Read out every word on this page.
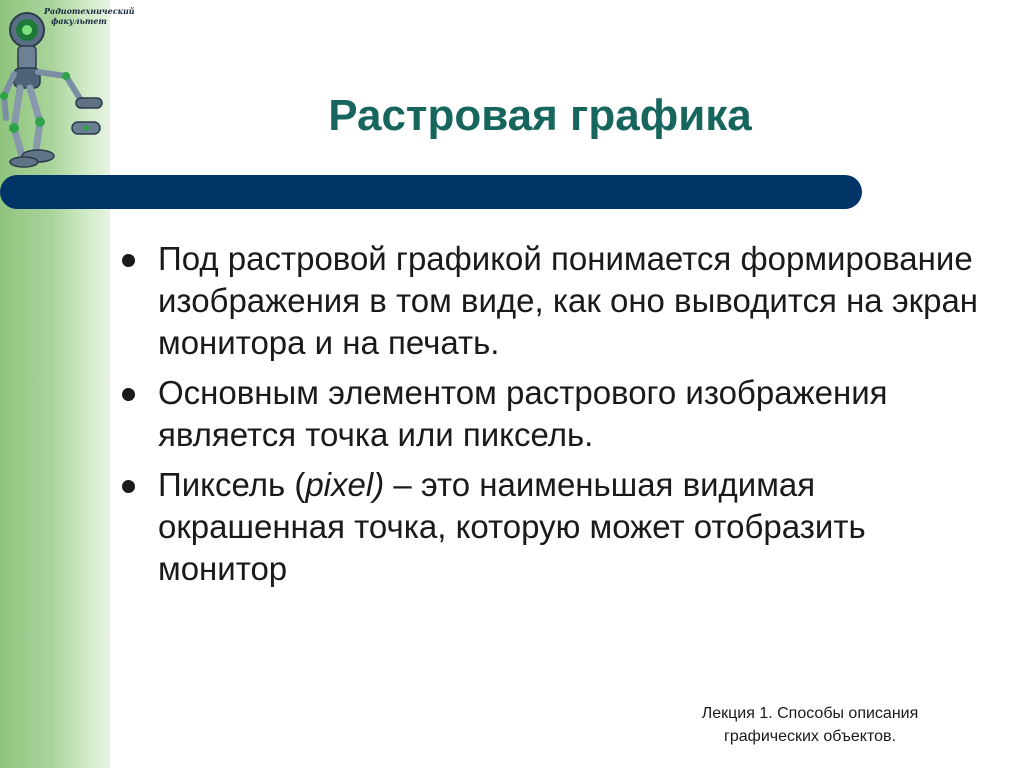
Радиотехнический
факультет
Растровая графика
Под растровой графикой понимается формирование изображения в том виде, как оно выводится на экран монитора и на печать.
Основным элементом растрового изображения является точка или пиксель.
Пиксель (pixel) – это наименьшая видимая окрашенная точка, которую может отобразить монитор
Лекция 1. Способы описания
графических объектов.
